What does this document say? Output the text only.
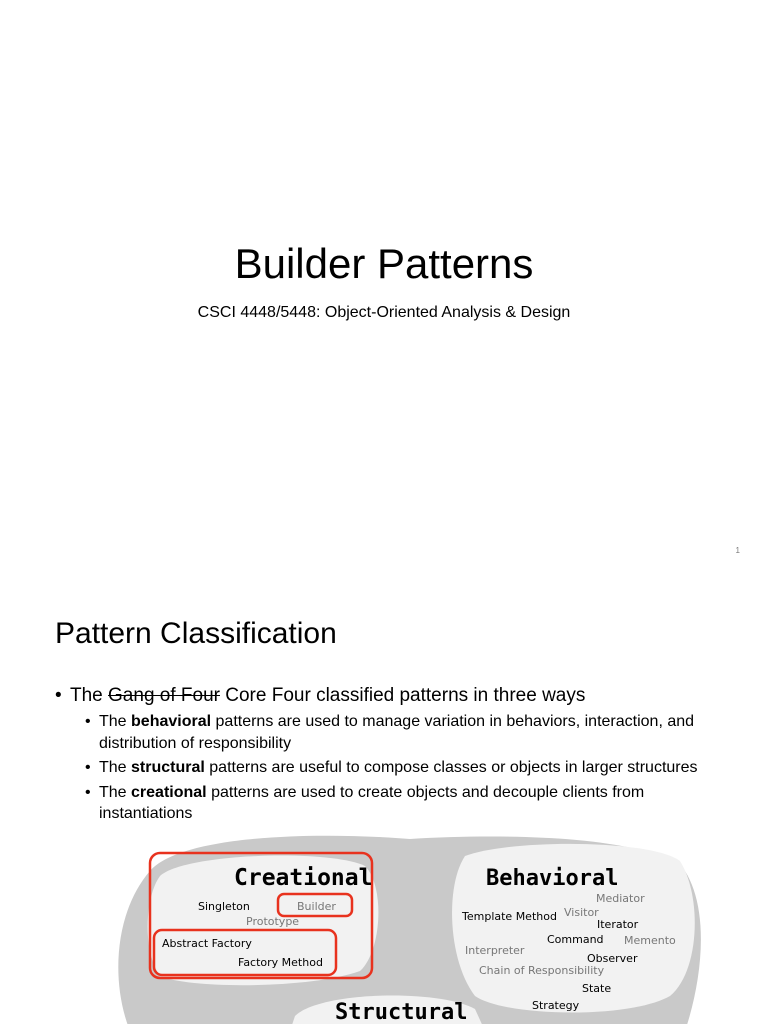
Builder Patterns
CSCI 4448/5448: Object-Oriented Analysis & Design
1
Pattern Classification
• The Gang of Four Core Four classified patterns in three ways
• The behavioral patterns are used to manage variation in behaviors, interaction, and distribution of responsibility
• The structural patterns are useful to compose classes or objects in larger structures
• The creational patterns are used to create objects and decouple clients from instantiations
Creational
Singleton	Builder
Prototype
Abstract Factory
Factory Method
Behavioral
Mediator
Visitor
Template Method
Iterator
Command Memento
Interpreter
Observer
Chain of Responsibility
State
Strategy
Structural
